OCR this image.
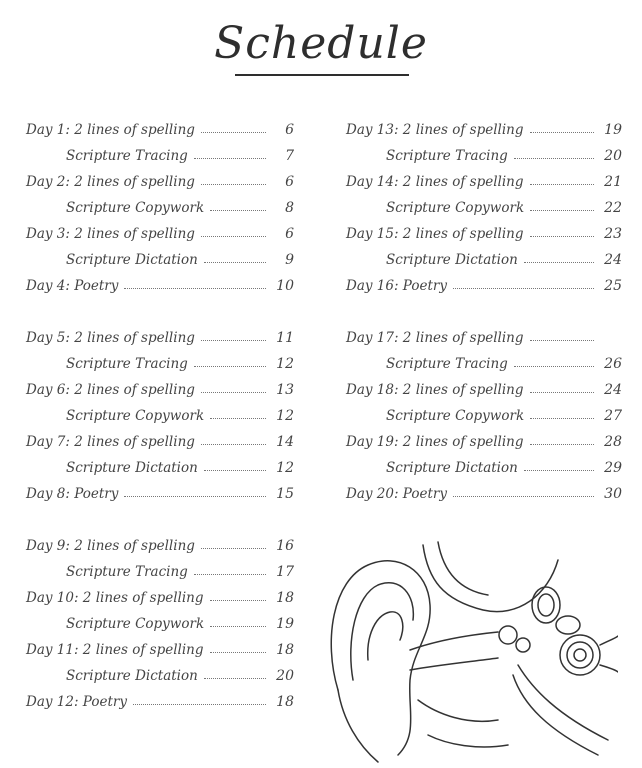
Schedule
Day 1: 2 lines of spelling	6
Scripture Tracing	7
Day 2: 2 lines of spelling	6
Scripture Copywork	8
Day 3: 2 lines of spelling	6
Scripture Dictation	9
Day 4: Poetry	10
Day 5: 2 lines of spelling	11
Scripture Tracing	12
Day 6: 2 lines of spelling	13
Scripture Copywork	12
Day 7: 2 lines of spelling	14
Scripture Dictation	12
Day 8: Poetry	15
Day 9: 2 lines of spelling	16
Scripture Tracing	17
Day 10: 2 lines of spelling	18
Scripture Copywork	19
Day 11: 2 lines of spelling	18
Scripture Dictation	20
Day 12: Poetry	18
Day 13: 2 lines of spelling	19
Scripture Tracing	20
Day 14: 2 lines of spelling	21
Scripture Copywork	22
Day 15: 2 lines of spelling	23
Scripture Dictation	24
Day 16: Poetry	25
Day 17: 2 lines of spelling
Scripture Tracing	26
Day 18: 2 lines of spelling	24
Scripture Copywork	27
Day 19: 2 lines of spelling	28
Scripture Dictation	29
Day 20: Poetry	30
